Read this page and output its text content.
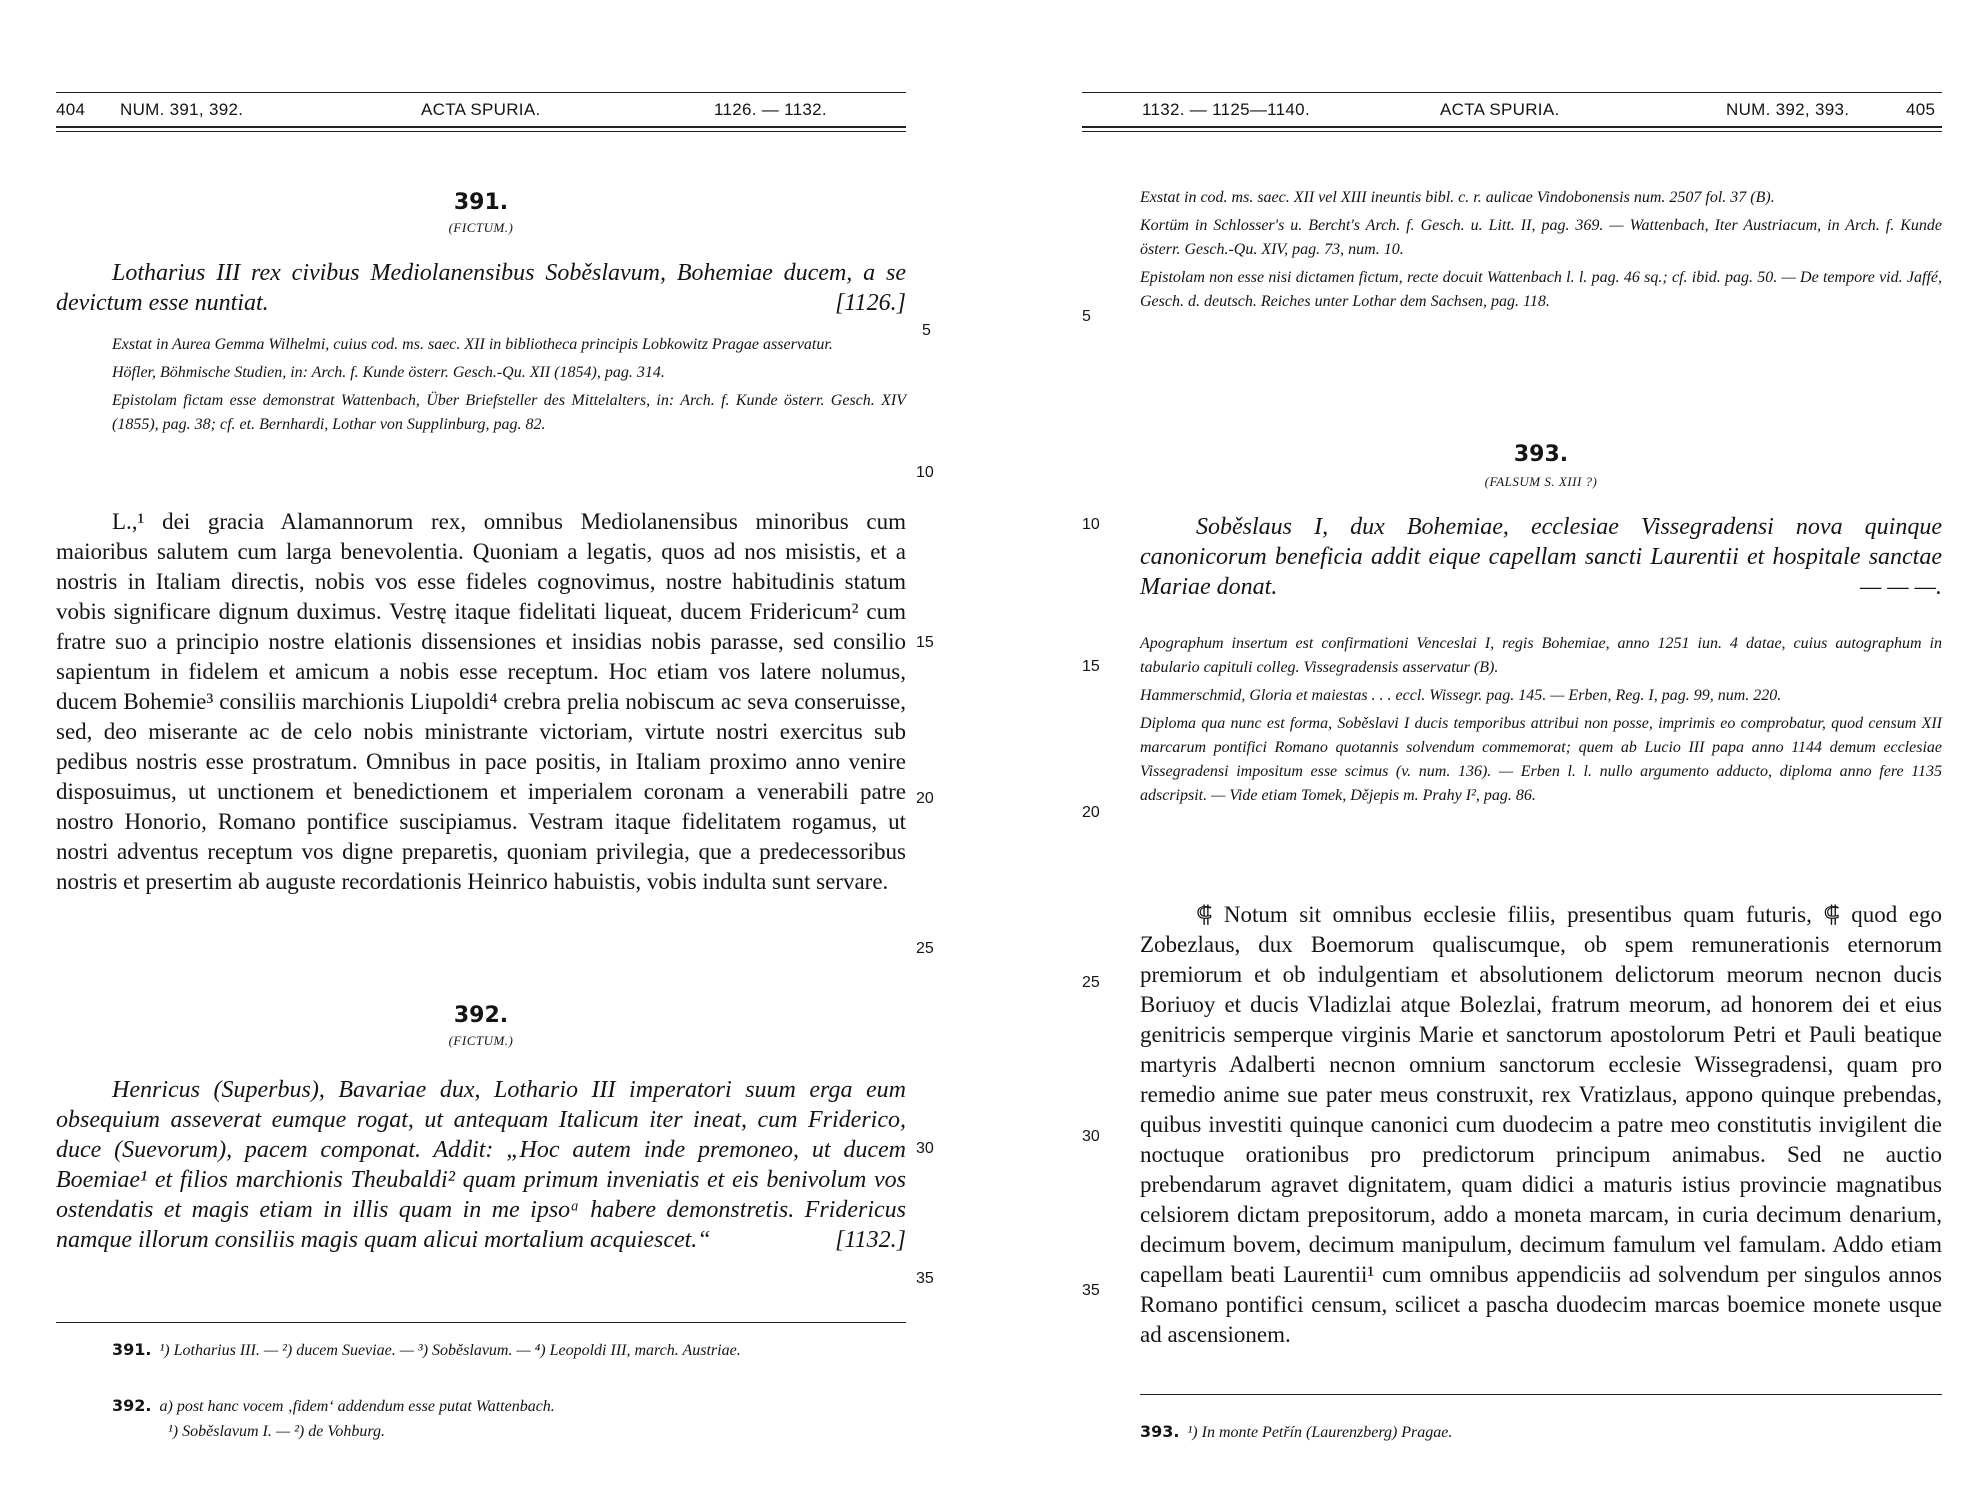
404 NUM. 391, 392.	ACTA SPURIA.	1126. — 1132.
391.
(FICTUM.)
Lotharius III rex civibus Mediolanensibus Soběslavum, Bohemiae ducem, a se devictum esse nuntiat.	[1126.]

Exstat in Aurea Gemma Wilhelmi, cuius cod. ms. saec. XII in bibliotheca principis Lobkowitz Pragae asservatur.

Höfler, Böhmische Studien, in: Arch. f. Kunde österr. Gesch.-Qu. XII (1854), pag. 314.

Epistolam fictam esse demonstrat Wattenbach, Über Briefsteller des Mittelalters, in: Arch. f. Kunde österr. Gesch. XIV (1855), pag. 38; cf. et. Bernhardi, Lothar von Supplinburg, pag. 82.

L.,¹ dei gracia Alamannorum rex, omnibus Mediolanensibus minoribus cum maioribus salutem cum larga benevolentia. Quoniam a legatis, quos ad nos misistis, et a nostris in Italiam directis, nobis vos esse fideles cognovimus, nostre habitudinis statum vobis significare dignum duximus. Vestrę itaque fidelitati liqueat, ducem Fridericum² cum fratre suo a principio nostre elationis dissensiones et insidias nobis parasse, sed consilio sapientum in fidelem et amicum a nobis esse receptum. Hoc etiam vos latere nolumus, ducem Bohemie³ consiliis marchionis Liupoldi⁴ crebra prelia nobiscum ac seva conseruisse, sed, deo miserante ac de celo nobis ministrante victoriam, virtute nostri exercitus sub pedibus nostris esse prostratum. Omnibus in pace positis, in Italiam proximo anno venire disposuimus, ut unctionem et benedictionem et imperialem coronam a venerabili patre nostro Honorio, Romano pontifice suscipiamus. Vestram itaque fidelitatem rogamus, ut nostri adventus receptum vos digne preparetis, quoniam privilegia, que a predecessoribus nostris et presertim ab auguste recordationis Heinrico habuistis, vobis indulta sunt servare.

392.
(FICTUM.)
Henricus (Superbus), Bavariae dux, Lothario III imperatori suum erga eum obsequium asseverat eumque rogat, ut antequam Italicum iter ineat, cum Friderico, duce (Suevorum), pacem componat. Addit: „Hoc autem inde premoneo, ut ducem Boemiae¹ et filios marchionis Theubaldi² quam primum inveniatis et eis benivolum vos ostendatis et magis etiam in illis quam in me ipsoᵃ habere demonstretis. Fridericus namque illorum consiliis magis quam alicui mortalium acquiescet.“	[1132.]
5
10
15
20
25
30
35
391. ¹) Lotharius III. — ²) ducem Sueviae. — ³) Soběslavum. — ⁴) Leopoldi III, march. Austriae.
392. a) post hanc vocem ‚fidem‘ addendum esse putat Wattenbach.
¹) Soběslavum I. — ²) de Vohburg.
1132. — 1125—1140.	ACTA SPURIA.	NUM. 392, 393.	405

Exstat in cod. ms. saec. XII vel XIII ineuntis bibl. c. r. aulicae Vindobonensis num. 2507 fol. 37 (B).

Kortüm in Schlosser's u. Bercht's Arch. f. Gesch. u. Litt. II, pag. 369. — Wattenbach, Iter Austriacum, in Arch. f. Kunde österr. Gesch.-Qu. XIV, pag. 73, num. 10.

Epistolam non esse nisi dictamen fictum, recte docuit Wattenbach l. l. pag. 46 sq.; cf. ibid. pag. 50. — De tempore vid. Jaffé, Gesch. d. deutsch. Reiches unter Lothar dem Sachsen, pag. 118.

393.
(FALSUM S. XIII ?)
Soběslaus I, dux Bohemiae, ecclesiae Vissegradensi nova quinque canonicorum beneficia addit eique capellam sancti Laurentii et hospitale sanctae Mariae donat.	— — —.

Apographum insertum est confirmationi Venceslai I, regis Bohemiae, anno 1251 iun. 4 datae, cuius autographum in tabulario capituli colleg. Vissegradensis asservatur (B).

Hammerschmid, Gloria et maiestas . . . eccl. Wissegr. pag. 145. — Erben, Reg. I, pag. 99, num. 220.

Diploma qua nunc est forma, Soběslavi I ducis temporibus attribui non posse, imprimis eo comprobatur, quod censum XII marcarum pontifici Romano quotannis solvendum commemorat; quem ab Lucio III papa anno 1144 demum ecclesiae Vissegradensi impositum esse scimus (v. num. 136). — Erben l. l. nullo argumento adducto, diploma anno fere 1135 adscripsit. — Vide etiam Tomek, Dějepis m. Prahy I², pag. 86.

⸿ Notum sit omnibus ecclesie filiis, presentibus quam futuris, ⸿ quod ego Zobezlaus, dux Boemorum qualiscumque, ob spem remunerationis eternorum premiorum et ob indulgentiam et absolutionem delictorum meorum necnon ducis Boriuoy et ducis Vladizlai atque Bolezlai, fratrum meorum, ad honorem dei et eius genitricis semperque virginis Marie et sanctorum apostolorum Petri et Pauli beatique martyris Adalberti necnon omnium sanctorum ecclesie Wissegradensi, quam pro remedio anime sue pater meus construxit, rex Vratizlaus, appono quinque prebendas, quibus investiti quinque canonici cum duodecim a patre meo constitutis invigilent die noctuque orationibus pro predictorum principum animabus. Sed ne auctio prebendarum agravet dignitatem, quam didici a maturis istius provincie magnatibus celsiorem dictam prepositorum, addo a moneta marcam, in curia decimum denarium, decimum bovem, decimum manipulum, decimum famulum vel famulam. Addo etiam capellam beati Laurentii¹ cum omnibus appendiciis ad solvendum per singulos annos Romano pontifici censum, scilicet a pascha duodecim marcas boemice monete usque ad ascensionem.

5
10
15
20
25
30
35
393. ¹) In monte Petřín (Laurenzberg) Pragae.
